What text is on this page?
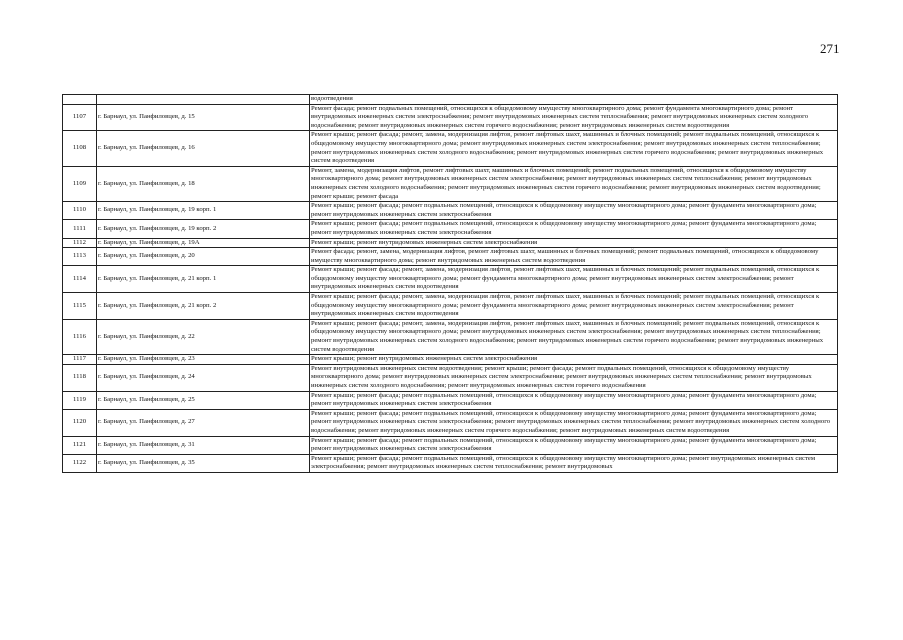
271
		водоотведения
1107	г. Барнаул, ул. Панфиловцев, д. 15	Ремонт фасада; ремонт подвальных помещений, относящихся к общедомовому имуществу многоквартирного дома; ремонт фундамента многоквартирного дома; ремонт внутридомовых инженерных систем электроснабжения; ремонт внутридомовых инженерных систем теплоснабжения; ремонт внутридомовых инженерных систем холодного водоснабжения; ремонт внутридомовых инженерных систем горячего водоснабжения; ремонт внутридомовых инженерных систем водоотведения
1108	г. Барнаул, ул. Панфиловцев, д. 16	Ремонт крыши; ремонт фасада; ремонт, замена, модернизация лифтов, ремонт лифтовых шахт, машинных и блочных помещений; ремонт подвальных помещений, относящихся к общедомовому имуществу многоквартирного дома; ремонт внутридомовых инженерных систем электроснабжения; ремонт внутридомовых инженерных систем теплоснабжения; ремонт внутридомовых инженерных систем холодного водоснабжения; ремонт внутридомовых инженерных систем горячего водоснабжения; ремонт внутридомовых инженерных систем водоотведения
1109	г. Барнаул, ул. Панфиловцев, д. 18	Ремонт, замена, модернизация лифтов, ремонт лифтовых шахт, машинных и блочных помещений; ремонт подвальных помещений, относящихся к общедомовому имуществу многоквартирного дома; ремонт внутридомовых инженерных систем электроснабжения; ремонт внутридомовых инженерных систем теплоснабжения; ремонт внутридомовых инженерных систем холодного водоснабжения; ремонт внутридомовых инженерных систем горячего водоснабжения; ремонт внутридомовых инженерных систем водоотведения; ремонт крыши; ремонт фасада
1110	г. Барнаул, ул. Панфиловцев, д. 19 корп. 1	Ремонт крыши; ремонт фасада; ремонт подвальных помещений, относящихся к общедомовому имуществу многоквартирного дома; ремонт фундамента многоквартирного дома; ремонт внутридомовых инженерных систем электроснабжения
1111	г. Барнаул, ул. Панфиловцев, д. 19 корп. 2	Ремонт крыши; ремонт фасада; ремонт подвальных помещений, относящихся к общедомовому имуществу многоквартирного дома; ремонт фундамента многоквартирного дома; ремонт внутридомовых инженерных систем электроснабжения
1112	г. Барнаул, ул. Панфиловцев, д. 19А	Ремонт крыши; ремонт внутридомовых инженерных систем электроснабжения
1113	г. Барнаул, ул. Панфиловцев, д. 20	Ремонт фасада; ремонт, замена, модернизация лифтов, ремонт лифтовых шахт, машинных и блочных помещений; ремонт подвальных помещений, относящихся к общедомовому имуществу многоквартирного дома; ремонт внутридомовых инженерных систем водоотведения
1114	г. Барнаул, ул. Панфиловцев, д. 21 корп. 1	Ремонт крыши; ремонт фасада; ремонт, замена, модернизация лифтов, ремонт лифтовых шахт, машинных и блочных помещений; ремонт подвальных помещений, относящихся к общедомовому имуществу многоквартирного дома; ремонт фундамента многоквартирного дома; ремонт внутридомовых инженерных систем электроснабжения; ремонт внутридомовых инженерных систем водоотведения
1115	г. Барнаул, ул. Панфиловцев, д. 21 корп. 2	Ремонт крыши; ремонт фасада; ремонт, замена, модернизация лифтов, ремонт лифтовых шахт, машинных и блочных помещений; ремонт подвальных помещений, относящихся к общедомовому имуществу многоквартирного дома; ремонт фундамента многоквартирного дома; ремонт внутридомовых инженерных систем электроснабжения; ремонт внутридомовых инженерных систем водоотведения
1116	г. Барнаул, ул. Панфиловцев, д. 22	Ремонт крыши; ремонт фасада; ремонт, замена, модернизация лифтов, ремонт лифтовых шахт, машинных и блочных помещений; ремонт подвальных помещений, относящихся к общедомовому имуществу многоквартирного дома; ремонт внутридомовых инженерных систем электроснабжения; ремонт внутридомовых инженерных систем теплоснабжения; ремонт внутридомовых инженерных систем холодного водоснабжения; ремонт внутридомовых инженерных систем горячего водоснабжения; ремонт внутридомовых инженерных систем водоотведения
1117	г. Барнаул, ул. Панфиловцев, д. 23	Ремонт крыши; ремонт внутридомовых инженерных систем электроснабжения
1118	г. Барнаул, ул. Панфиловцев, д. 24	Ремонт внутридомовых инженерных систем водоотведения; ремонт крыши; ремонт фасада; ремонт подвальных помещений, относящихся к общедомовому имуществу многоквартирного дома; ремонт внутридомовых инженерных систем электроснабжения; ремонт внутридомовых инженерных систем теплоснабжения; ремонт внутридомовых инженерных систем холодного водоснабжения; ремонт внутридомовых инженерных систем горячего водоснабжения
1119	г. Барнаул, ул. Панфиловцев, д. 25	Ремонт крыши; ремонт фасада; ремонт подвальных помещений, относящихся к общедомовому имуществу многоквартирного дома; ремонт фундамента многоквартирного дома; ремонт внутридомовых инженерных систем электроснабжения
1120	г. Барнаул, ул. Панфиловцев, д. 27	Ремонт крыши; ремонт фасада; ремонт подвальных помещений, относящихся к общедомовому имуществу многоквартирного дома; ремонт фундамента многоквартирного дома; ремонт внутридомовых инженерных систем электроснабжения; ремонт внутридомовых инженерных систем теплоснабжения; ремонт внутридомовых инженерных систем холодного водоснабжения; ремонт внутридомовых инженерных систем горячего водоснабжения; ремонт внутридомовых инженерных систем водоотведения
1121	г. Барнаул, ул. Панфиловцев, д. 31	Ремонт крыши; ремонт фасада; ремонт подвальных помещений, относящихся к общедомовому имуществу многоквартирного дома; ремонт фундамента многоквартирного дома; ремонт внутридомовых инженерных систем электроснабжения
1122	г. Барнаул, ул. Панфиловцев, д. 35	Ремонт крыши; ремонт фасада; ремонт подвальных помещений, относящихся к общедомовому имуществу многоквартирного дома; ремонт внутридомовых инженерных систем электроснабжения; ремонт внутридомовых инженерных систем теплоснабжения; ремонт внутридомовых
